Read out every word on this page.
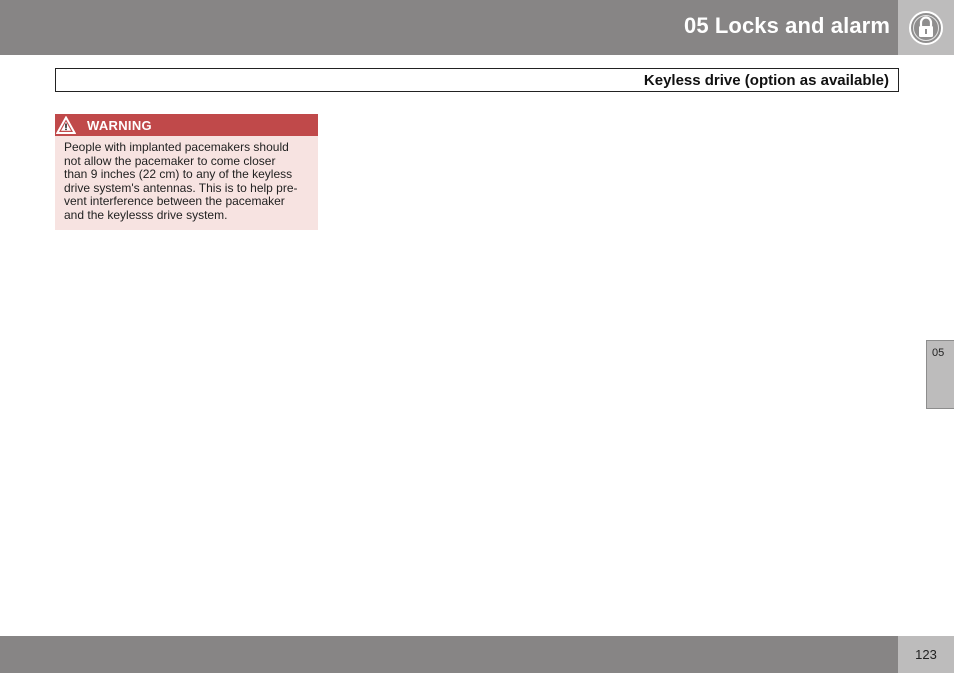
05 Locks and alarm
Keyless drive (option as available)
WARNING

People with implanted pacemakers should
not allow the pacemaker to come closer
than 9 inches (22 cm) to any of the keyless
drive system's antennas. This is to help pre-
vent interference between the pacemaker
and the keylesss drive system.

05
123
